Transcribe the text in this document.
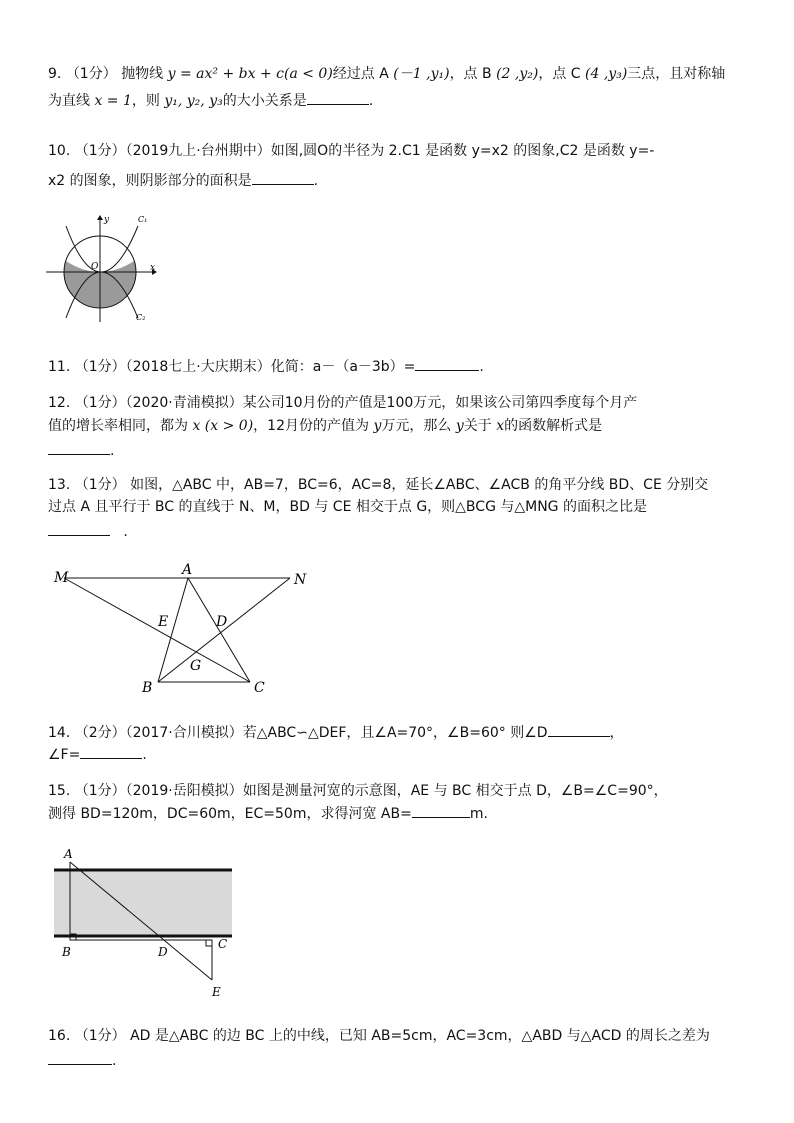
9. （1分） 抛物线 y = ax² + bx + c(a < 0)经过点 A (－1 ,y₁)，点 B (2 ,y₂)，点 C (4 ,y₃)三点，且对称轴
为直线 x = 1，则 y₁, y₂, y₃的大小关系是	.
10. （1分）（2019九上·台州期中）如图,圆O的半径为 2.C1 是函数 y=x2 的图象,C2 是函数 y=-
x2 的图象，则阴影部分的面积是	.
y
x
O
C₁
C₂
11. （1分）（2018七上·大庆期末）化简：a－（a－3b）=	.
12. （1分）（2020·青浦模拟）某公司10月份的产值是100万元，如果该公司第四季度每个月产
值的增长率相同，都为 x (x > 0)，12月份的产值为 y万元，那么 y关于 x的函数解析式是
.
13. （1分） 如图，△ABC 中，AB=7，BC=6，AC=8，延长∠ABC、∠ACB 的角平分线 BD、CE 分别交
过点 A 且平行于 BC 的直线于 N、M，BD 与 CE 相交于点 G，则△BCG 与△MNG 的面积之比是
.
M	A
N
E	D
G
B	C
14. （2分）（2017·合川模拟）若△ABC∽△DEF，且∠A=70°，∠B=60° 则∠D	，
∠F=	.
15. （1分）（2019·岳阳模拟）如图是测量河宽的示意图，AE 与 BC 相交于点 D，∠B=∠C=90°，
测得 BD=120m，DC=60m，EC=50m，求得河宽 AB=	m.
A
B	D
C
E
16. （1分） AD 是△ABC 的边 BC 上的中线，已知 AB=5cm，AC=3cm，△ABD 与△ACD 的周长之差为
.
